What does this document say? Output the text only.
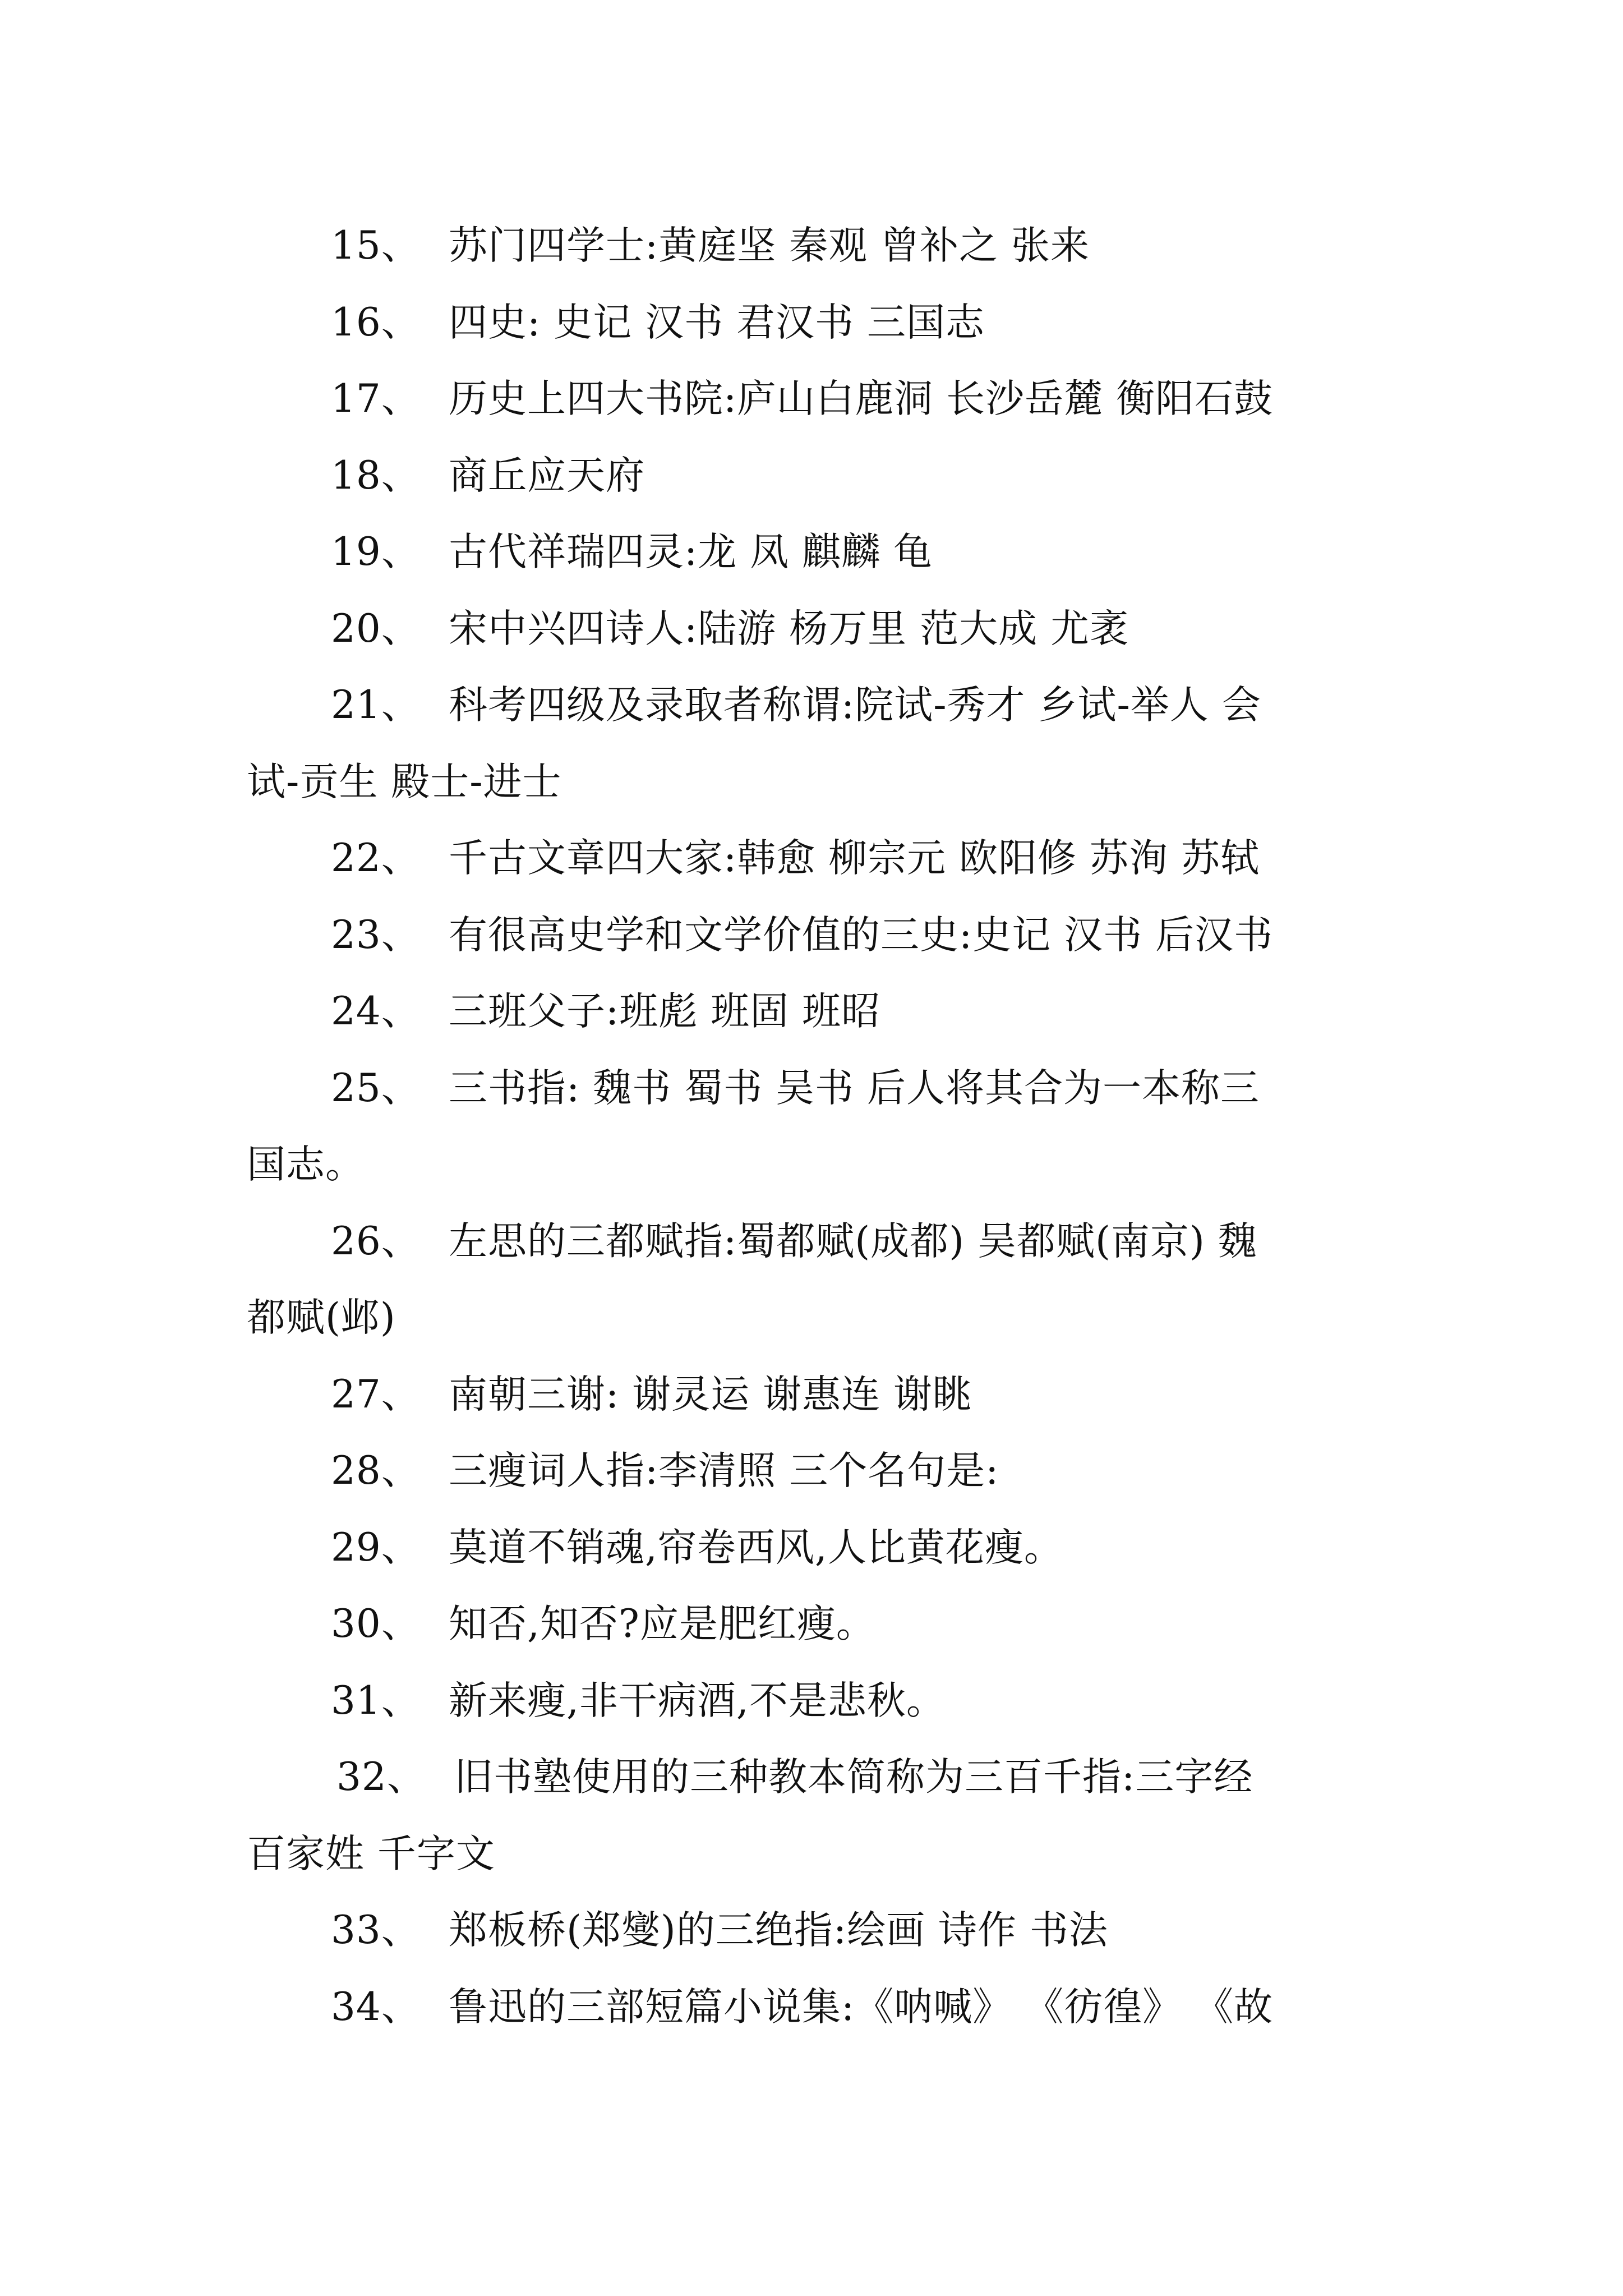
15、 苏门四学士:黄庭坚 秦观 曾补之 张来
16、 四史: 史记 汉书 君汉书 三国志
17、 历史上四大书院:庐山白鹿洞 长沙岳麓 衡阳石鼓
18、 商丘应天府
19、 古代祥瑞四灵:龙 凤 麒麟 龟
20、 宋中兴四诗人:陆游 杨万里 范大成 尤袤
21、 科考四级及录取者称谓:院试-秀才 乡试-举人 会
试-贡生 殿士-进士
22、 千古文章四大家:韩愈 柳宗元 欧阳修 苏洵 苏轼
23、 有很高史学和文学价值的三史:史记 汉书 后汉书
24、 三班父子:班彪 班固 班昭
25、 三书指: 魏书 蜀书 吴书 后人将其合为一本称三
国志。
26、 左思的三都赋指:蜀都赋(成都) 吴都赋(南京) 魏
都赋(邺)
27、 南朝三谢: 谢灵运 谢惠连 谢眺
28、 三瘦词人指:李清照 三个名句是:
29、 莫道不销魂,帘卷西风,人比黄花瘦。
30、 知否,知否?应是肥红瘦。
31、 新来瘦,非干病酒,不是悲秋。
32、 旧书塾使用的三种教本简称为三百千指:三字经
百家姓 千字文
33、 郑板桥(郑燮)的三绝指:绘画 诗作 书法
34、 鲁迅的三部短篇小说集:《呐喊》 《彷徨》 《故
